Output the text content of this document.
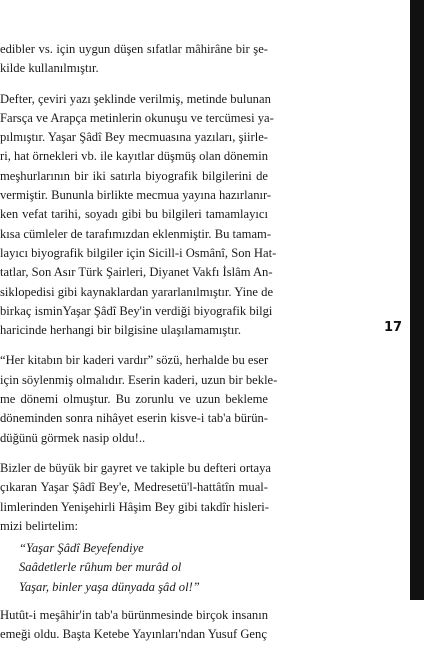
edibler vs. için uygun düşen sıfatlar mâhirâne bir şe-
kilde kullanılmıştır.

Defter, çeviri yazı şeklinde verilmiş, metinde bulunan
Farsça ve Arapça metinlerin okunuşu ve tercümesi ya-
pılmıştır. Yaşar Şâdî Bey mecmuasına yazıları, şiirle-
ri, hat örnekleri vb. ile kayıtlar düşmüş olan dönemin
meşhurlarının bir iki satırla biyografik bilgilerini de
vermiştir. Bununla birlikte mecmua yayına hazırlanır-
ken vefat tarihi, soyadı gibi bu bilgileri tamamlayıcı
kısa cümleler de tarafımızdan eklenmiştir. Bu tamam-
layıcı biyografik bilgiler için Sicill-i Osmânî, Son Hat-
tatlar, Son Asır Türk Şairleri, Diyanet Vakfı İslâm An-
siklopedisi gibi kaynaklardan yararlanılmıştır. Yine de
birkaç isminYaşar Şâdî Bey'in verdiği biyografik bilgi
haricinde herhangi bir bilgisine ulaşılamamıştır.

“Her kitabın bir kaderi vardır” sözü, herhalde bu eser
için söylenmiş olmalıdır. Eserin kaderi, uzun bir bekle-
me dönemi olmuştur. Bu zorunlu ve uzun bekleme
döneminden sonra nihâyet eserin kisve-i tab'a bürün-
düğünü görmek nasip oldu!..

Bizler de büyük bir gayret ve takiple bu defteri ortaya
çıkaran Yaşar Şâdî Bey'e, Medresetü'l-hattâtîn mual-
limlerinden Yenişehirli Hâşim Bey gibi takdîr hisleri-
mizi belirtelim:

“Yaşar Şâdî Beyefendiye
Saâdetlerle rûhum ber murâd ol
Yaşar, binler yaşa dünyada şâd ol!”

Hutût-i meşâhir'in tab'a bürünmesinde birçok insanın
emeği oldu. Başta Ketebe Yayınları'ndan Yusuf Genç

17
